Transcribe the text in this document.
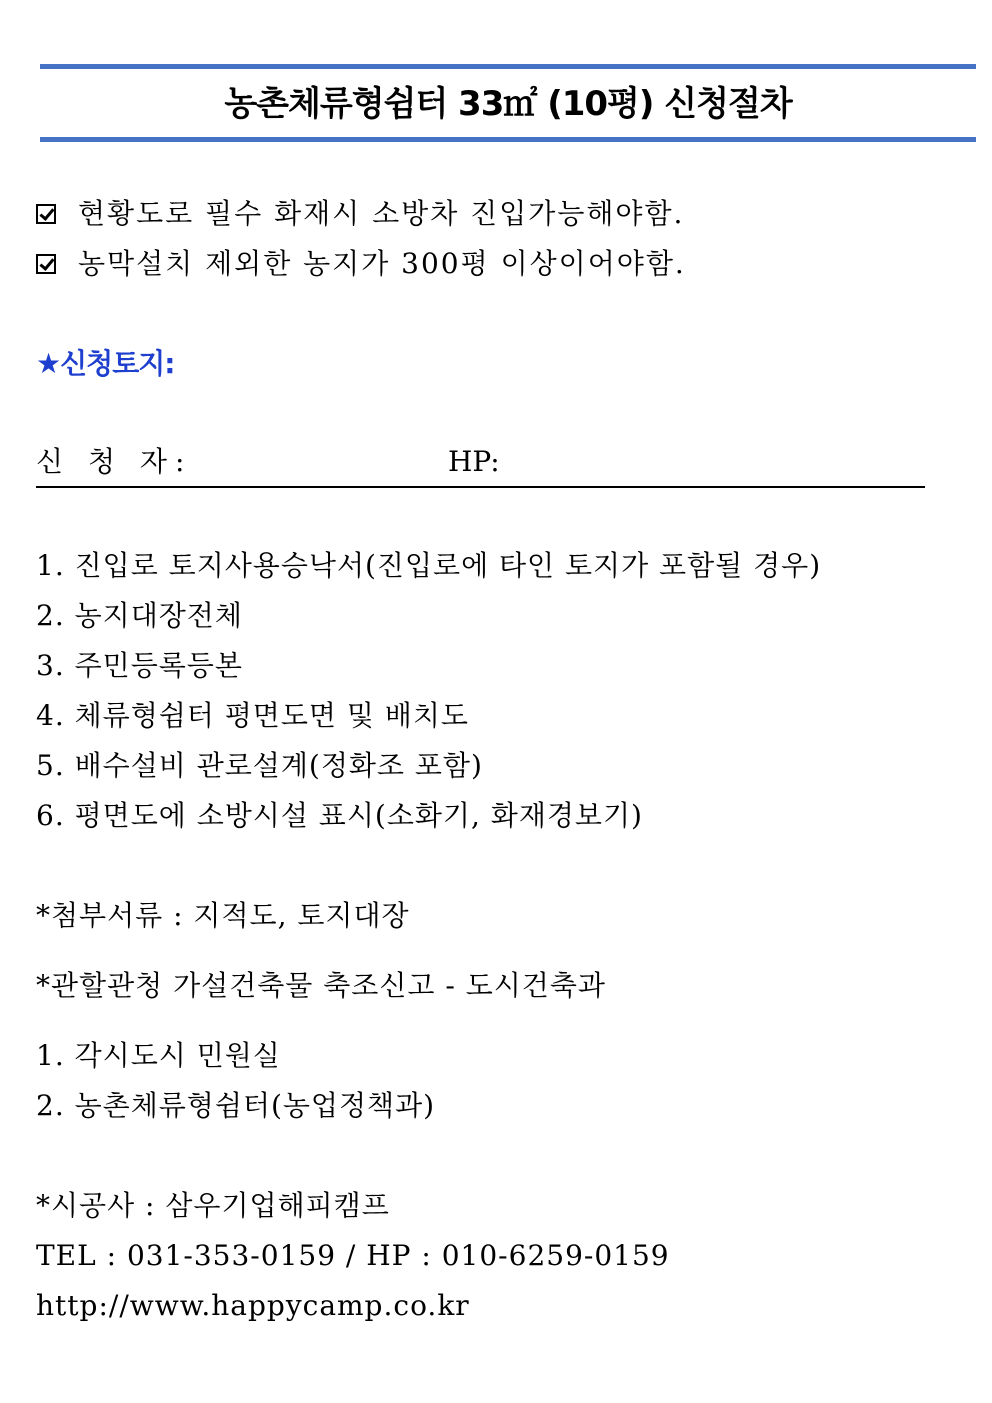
농촌체류형쉼터 33㎡ (10평) 신청절차
현황도로 필수 화재시 소방차 진입가능해야함.
농막설치 제외한 농지가 300평 이상이어야함.
★신청토지:
신 청 자:	HP:
1. 진입로 토지사용승낙서(진입로에 타인 토지가 포함될 경우)
2. 농지대장전체
3. 주민등록등본
4. 체류형쉼터 평면도면 및 배치도
5. 배수설비 관로설계(정화조 포함)
6. 평면도에 소방시설 표시(소화기, 화재경보기)
*첨부서류 : 지적도, 토지대장
*관할관청 가설건축물 축조신고 - 도시건축과
1. 각시도시 민원실
2. 농촌체류형쉼터(농업정책과)
*시공사 : 삼우기업해피캠프
TEL : 031-353-0159 / HP : 010-6259-0159
http://www.happycamp.co.kr
